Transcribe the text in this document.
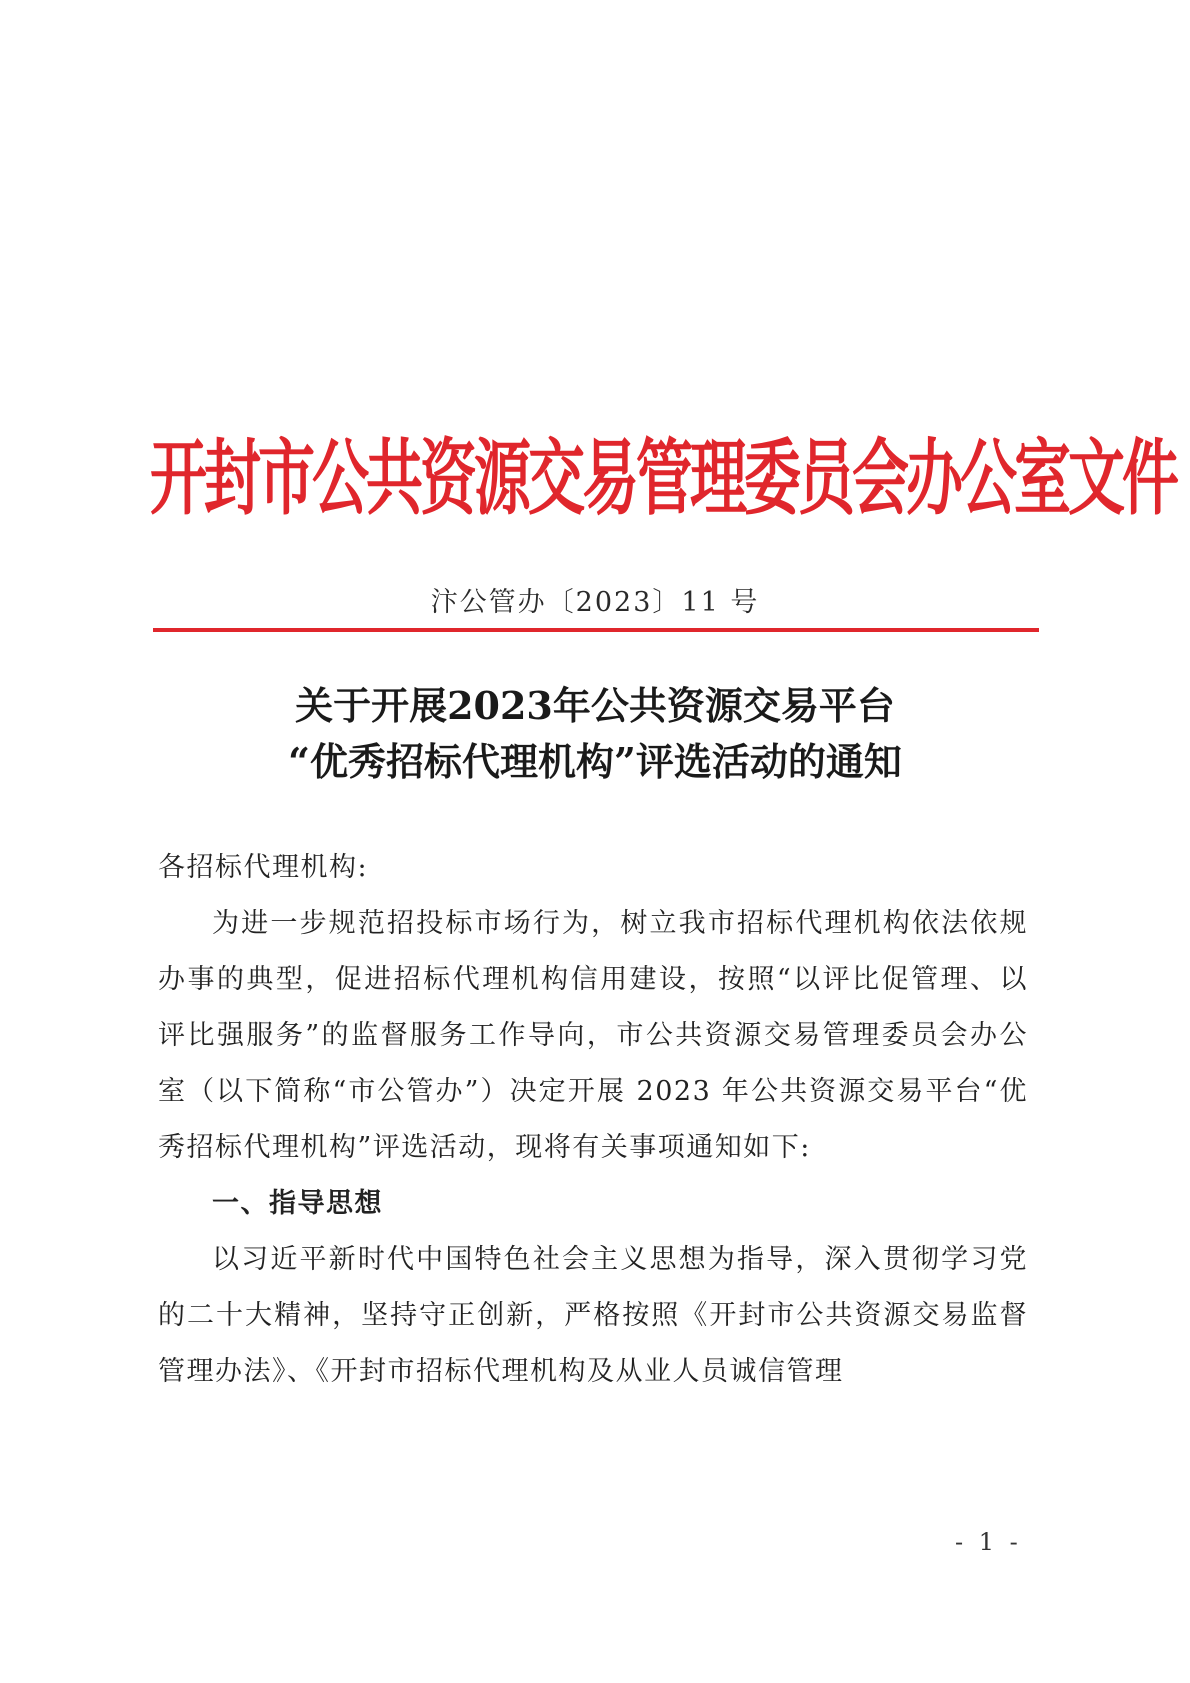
开封市公共资源交易管理委员会办公室文件
汴公管办〔2023〕11 号
关于开展2023年公共资源交易平台
“优秀招标代理机构”评选活动的通知

各招标代理机构:

为进一步规范招投标市场行为，树立我市招标代理机构依法依规办事的典型，促进招标代理机构信用建设，按照“以评比促管理、以评比强服务”的监督服务工作导向，市公共资源交易管理委员会办公室（以下简称“市公管办”）决定开展 2023 年公共资源交易平台“优秀招标代理机构”评选活动，现将有关事项通知如下:

一、指导思想

以习近平新时代中国特色社会主义思想为指导，深入贯彻学习党的二十大精神，坚持守正创新，严格按照《开封市公共资源交易监督管理办法》、《开封市招标代理机构及从业人员诚信管理

- 1 -
